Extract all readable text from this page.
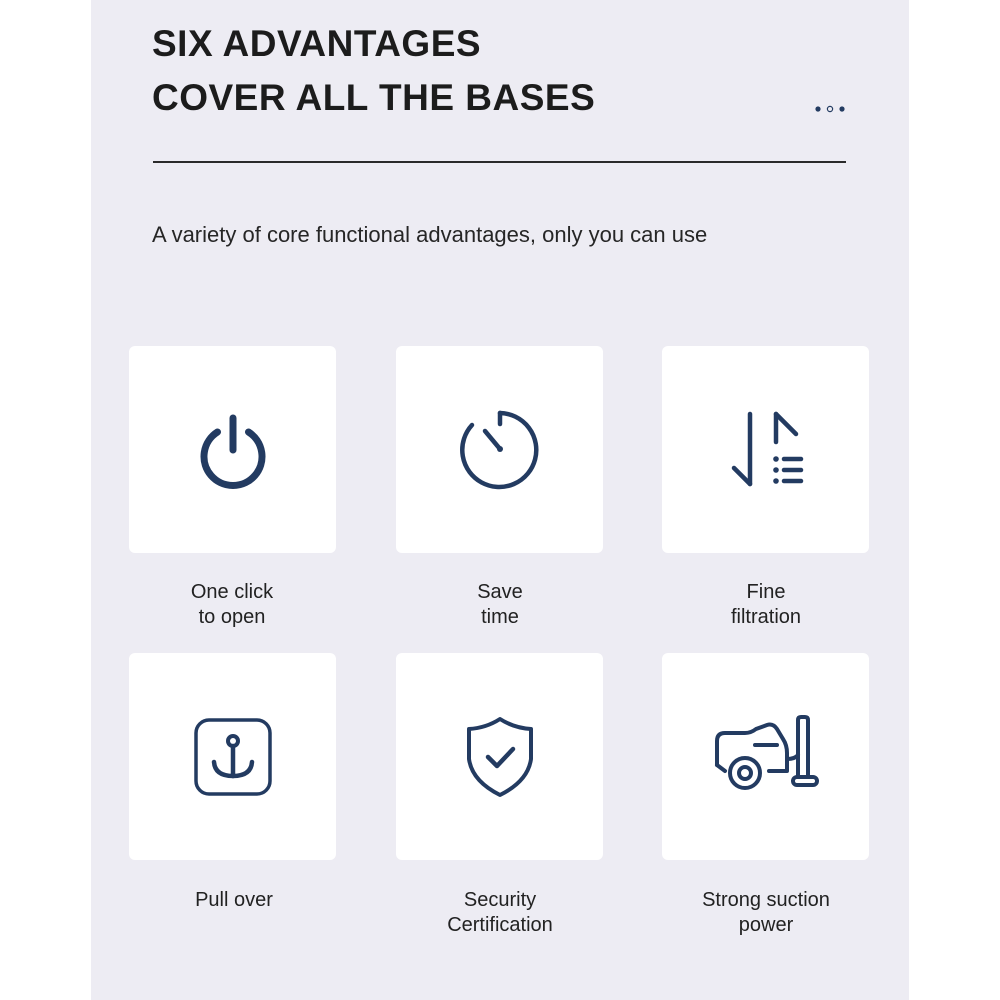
SIX ADVANTAGES
COVER ALL THE BASES
A variety of core functional advantages, only you can use
One click
to open
Save
time
Fine
filtration
Pull over	Security
Certification
Strong suction
power
